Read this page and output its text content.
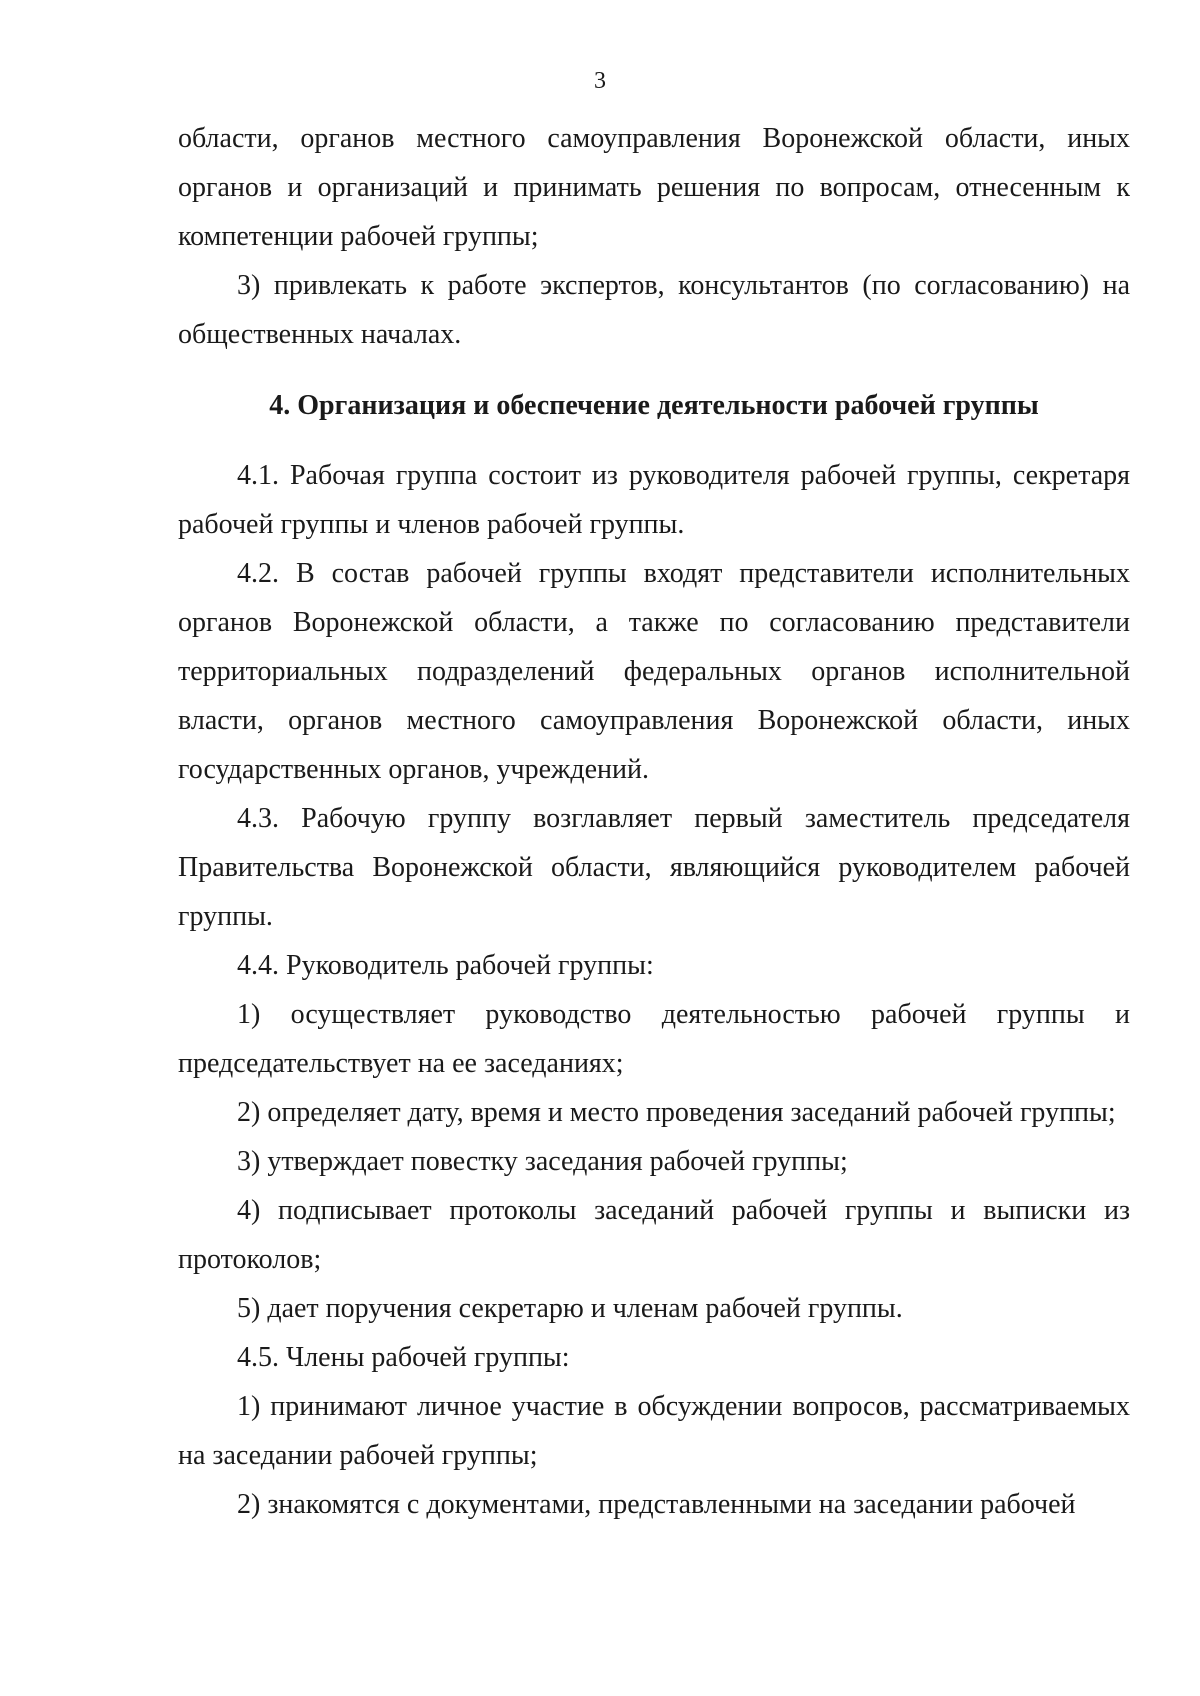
3

области, органов местного самоуправления Воронежской области, иных органов и организаций и принимать решения по вопросам, отнесенным к компетенции рабочей группы;

3) привлекать к работе экспертов, консультантов (по согласованию) на общественных началах.

4. Организация и обеспечение деятельности рабочей группы

4.1. Рабочая группа состоит из руководителя рабочей группы, секретаря рабочей группы и членов рабочей группы.

4.2. В состав рабочей группы входят представители исполнительных органов Воронежской области, а также по согласованию представители территориальных подразделений федеральных органов исполнительной власти, органов местного самоуправления Воронежской области, иных государственных органов, учреждений.

4.3. Рабочую группу возглавляет первый заместитель председателя Правительства Воронежской области, являющийся руководителем рабочей группы.

4.4. Руководитель рабочей группы:

1) осуществляет руководство деятельностью рабочей группы и председательствует на ее заседаниях;

2) определяет дату, время и место проведения заседаний рабочей группы;

3) утверждает повестку заседания рабочей группы;

4) подписывает протоколы заседаний рабочей группы и выписки из протоколов;

5) дает поручения секретарю и членам рабочей группы.

4.5. Члены рабочей группы:

1) принимают личное участие в обсуждении вопросов, рассматриваемых на заседании рабочей группы;

2) знакомятся с документами, представленными на заседании рабочей
